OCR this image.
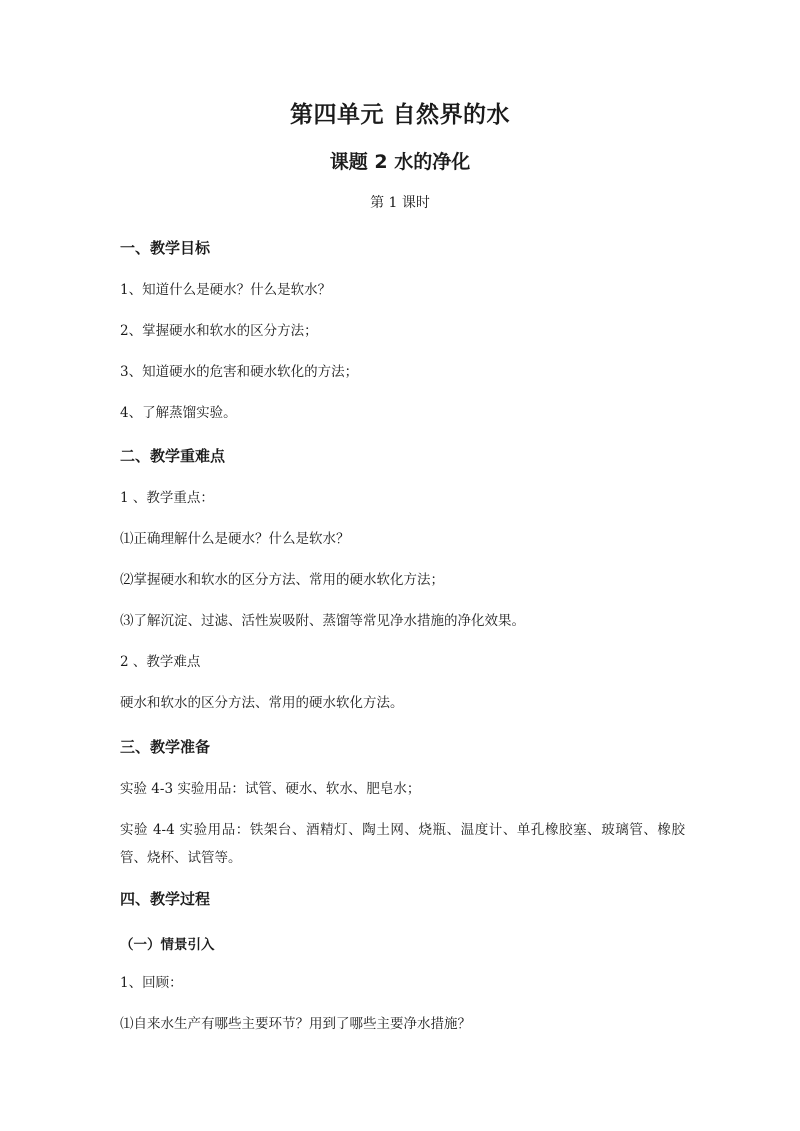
第四单元 自然界的水
课题 2 水的净化
第 1 课时
一、教学目标
1、知道什么是硬水？什么是软水？
2、掌握硬水和软水的区分方法；
3、知道硬水的危害和硬水软化的方法；
4、了解蒸馏实验。
二、教学重难点
1 、教学重点：
⑴正确理解什么是硬水？什么是软水？
⑵掌握硬水和软水的区分方法、常用的硬水软化方法；
⑶了解沉淀、过滤、活性炭吸附、蒸馏等常见净水措施的净化效果。
2 、教学难点
硬水和软水的区分方法、常用的硬水软化方法。
三、教学准备
实验 4-3 实验用品：试管、硬水、软水、肥皂水；
实验 4-4 实验用品：铁架台、酒精灯、陶土网、烧瓶、温度计、单孔橡胶塞、玻璃管、橡胶管、烧杯、试管等。
四、教学过程
（一）情景引入
1、回顾：
⑴自来水生产有哪些主要环节？用到了哪些主要净水措施？
